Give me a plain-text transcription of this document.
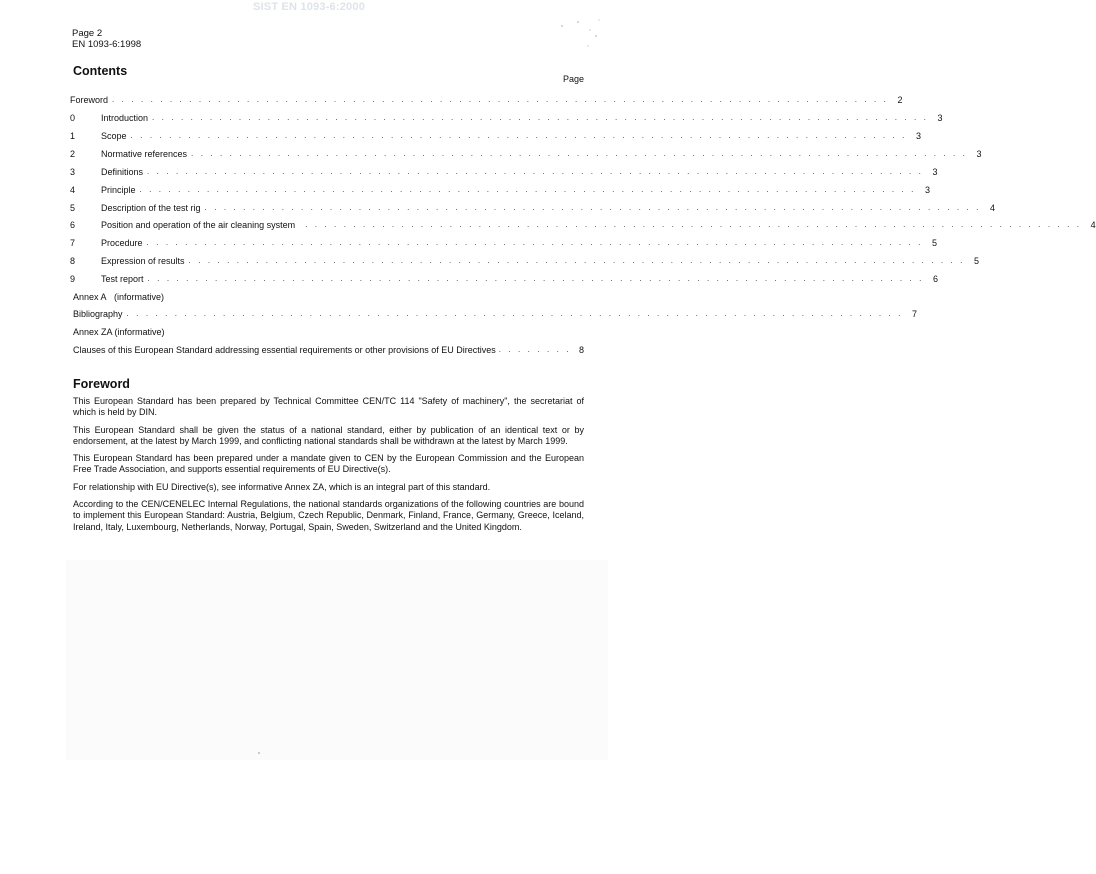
SIST EN 1093-6:2000
Page 2
EN 1093-6:1998
Contents
Page
Foreword . . . . . . . . . . . . . . . . . . . . . . . . . . . . . . . . . . . . . . . . . . . . . . . . . . . . . . . . . . . . . . . . . . . . . . . . . . . . . . . . . 2
0	Introduction . . . . . . . . . . . . . . . . . . . . . . . . . . . . . . . . . . . . . . . . . . . . . . . . . . . . . . . . . . . . . . . . . . . . . . . . . . . . . . . . . 3
1	Scope . . . . . . . . . . . . . . . . . . . . . . . . . . . . . . . . . . . . . . . . . . . . . . . . . . . . . . . . . . . . . . . . . . . . . . . . . . . . . . . . . 3
2	Normative references . . . . . . . . . . . . . . . . . . . . . . . . . . . . . . . . . . . . . . . . . . . . . . . . . . . . . . . . . . . . . . . . . . . . . . . . . . . . . . . . . 3
3	Definitions . . . . . . . . . . . . . . . . . . . . . . . . . . . . . . . . . . . . . . . . . . . . . . . . . . . . . . . . . . . . . . . . . . . . . . . . . . . . . . . . . 3
4	Principle . . . . . . . . . . . . . . . . . . . . . . . . . . . . . . . . . . . . . . . . . . . . . . . . . . . . . . . . . . . . . . . . . . . . . . . . . . . . . . . . . 3
5	Description of the test rig . . . . . . . . . . . . . . . . . . . . . . . . . . . . . . . . . . . . . . . . . . . . . . . . . . . . . . . . . . . . . . . . . . . . . . . . . . . . . . . . . 4
6	Position and operation of the air cleaning system . . . . . . . . . . . . . . . . . . . . . . . . . . . . . . . . . . . . . . . . . . . . . . . . . . . . . . . . . . . . . . . . . . . . . . . . . . . . . . . . . 4
7	Procedure . . . . . . . . . . . . . . . . . . . . . . . . . . . . . . . . . . . . . . . . . . . . . . . . . . . . . . . . . . . . . . . . . . . . . . . . . . . . . . . . . 5
8	Expression of results . . . . . . . . . . . . . . . . . . . . . . . . . . . . . . . . . . . . . . . . . . . . . . . . . . . . . . . . . . . . . . . . . . . . . . . . . . . . . . . . . 5
9	Test report . . . . . . . . . . . . . . . . . . . . . . . . . . . . . . . . . . . . . . . . . . . . . . . . . . . . . . . . . . . . . . . . . . . . . . . . . . . . . . . . . 6
Annex A   (informative)
Bibliography . . . . . . . . . . . . . . . . . . . . . . . . . . . . . . . . . . . . . . . . . . . . . . . . . . . . . . . . . . . . . . . . . . . . . . . . . . . . . . . . . 7
Annex ZA (informative)
Clauses of this European Standard addressing essential requirements or other provisions of EU Directives . . . . . . . . 8
Foreword

This European Standard has been prepared by Technical Committee CEN/TC 114 "Safety of machinery", the secretariat of which is held by DIN.

This European Standard shall be given the status of a national standard, either by publication of an identical text or by endorsement, at the latest by March 1999, and conflicting national standards shall be withdrawn at the latest by March 1999.

This European Standard has been prepared under a mandate given to CEN by the European Commission and the European Free Trade Association, and supports essential requirements of EU Directive(s).

For relationship with EU Directive(s), see informative Annex ZA, which is an integral part of this standard.

According to the CEN/CENELEC Internal Regulations, the national standards organizations of the following countries are bound to implement this European Standard: Austria, Belgium, Czech Republic, Denmark, Finland, France, Germany, Greece, Iceland, Ireland, Italy, Luxembourg, Netherlands, Norway, Portugal, Spain, Sweden, Switzerland and the United Kingdom.
